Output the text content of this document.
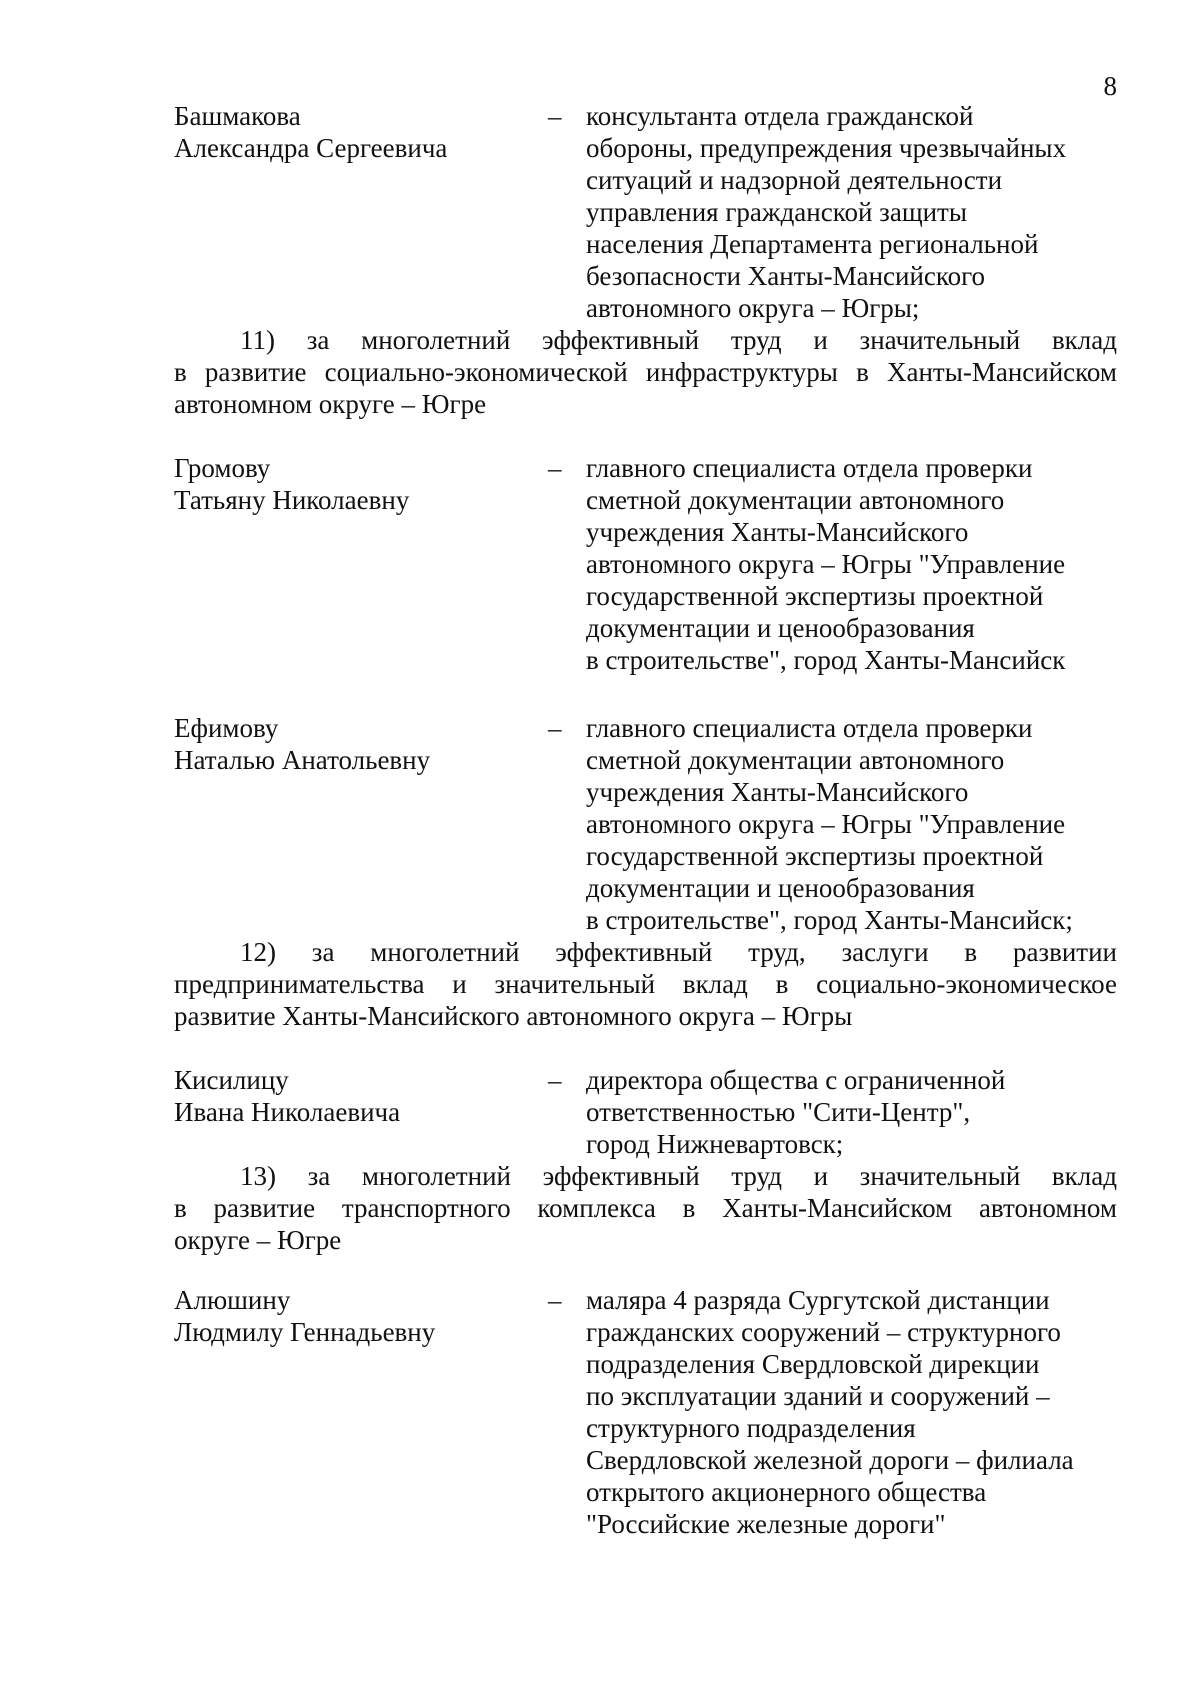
8
Башмакова
Александра Сергеевича
– консультанта отдела гражданской
обороны, предупреждения чрезвычайных
ситуаций и надзорной деятельности
управления гражданской защиты
населения Департамента региональной
безопасности Ханты-Мансийского
автономного округа – Югры;
11) за многолетний эффективный труд и значительный вклад
в развитие социально-экономической инфраструктуры в Ханты-Мансийском
автономном округе – Югре
Громову
Татьяну Николаевну
– главного специалиста отдела проверки
сметной документации автономного
учреждения Ханты-Мансийского
автономного округа – Югры "Управление
государственной экспертизы проектной
документации и ценообразования
в строительстве", город Ханты-Мансийск
Ефимову
Наталью Анатольевну
– главного специалиста отдела проверки
сметной документации автономного
учреждения Ханты-Мансийского
автономного округа – Югры "Управление
государственной экспертизы проектной
документации и ценообразования
в строительстве", город Ханты-Мансийск;
12) за многолетний эффективный труд, заслуги в развитии
предпринимательства и значительный вклад в социально-экономическое
развитие Ханты-Мансийского автономного округа – Югры
Кисилицу
Ивана Николаевича
– директора общества с ограниченной
ответственностью "Сити-Центр",
город Нижневартовск;
13) за многолетний эффективный труд и значительный вклад
в развитие транспортного комплекса в Ханты-Мансийском автономном
округе – Югре
Алюшину
Людмилу Геннадьевну
– маляра 4 разряда Сургутской дистанции
гражданских сооружений – структурного
подразделения Свердловской дирекции
по эксплуатации зданий и сооружений –
структурного подразделения
Свердловской железной дороги – филиала
открытого акционерного общества
"Российские железные дороги"
